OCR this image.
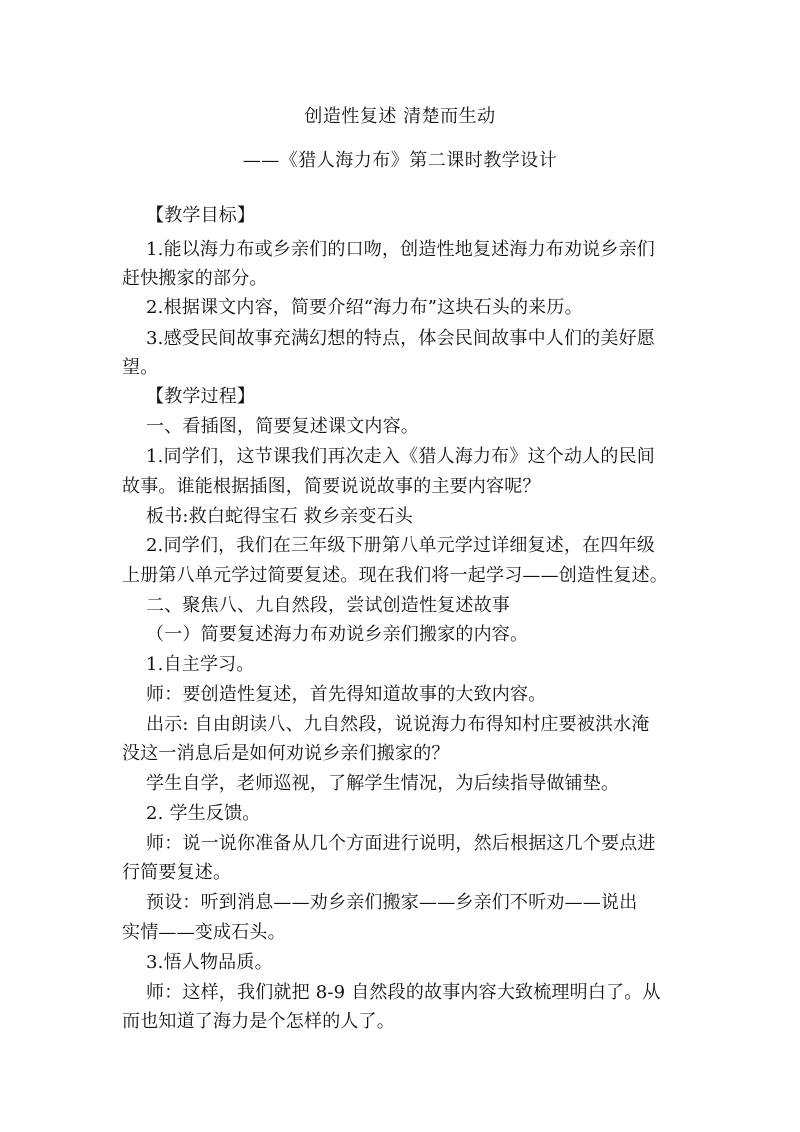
创造性复述 清楚而生动
——《猎人海力布》第二课时教学设计
【教学目标】
1.能以海力布或乡亲们的口吻，创造性地复述海力布劝说乡亲们
赶快搬家的部分。
2.根据课文内容，简要介绍“海力布”这块石头的来历。
3.感受民间故事充满幻想的特点，体会民间故事中人们的美好愿
望。
【教学过程】
一、看插图，简要复述课文内容。
1.同学们，这节课我们再次走入《猎人海力布》这个动人的民间
故事。谁能根据插图，简要说说故事的主要内容呢？
板书:救白蛇得宝石 救乡亲变石头
2.同学们，我们在三年级下册第八单元学过详细复述，在四年级
上册第八单元学过简要复述。现在我们将一起学习——创造性复述。
二、聚焦八、九自然段，尝试创造性复述故事
（一）简要复述海力布劝说乡亲们搬家的内容。
1.自主学习。
师：要创造性复述，首先得知道故事的大致内容。
出示: 自由朗读八、九自然段，说说海力布得知村庄要被洪水淹
没这一消息后是如何劝说乡亲们搬家的？
学生自学，老师巡视，了解学生情况，为后续指导做铺垫。
2. 学生反馈。
师：说一说你准备从几个方面进行说明，然后根据这几个要点进
行简要复述。
预设：听到消息——劝乡亲们搬家——乡亲们不听劝——说出
实情——变成石头。
3.悟人物品质。
师：这样，我们就把 8-9 自然段的故事内容大致梳理明白了。从
而也知道了海力是个怎样的人了。
